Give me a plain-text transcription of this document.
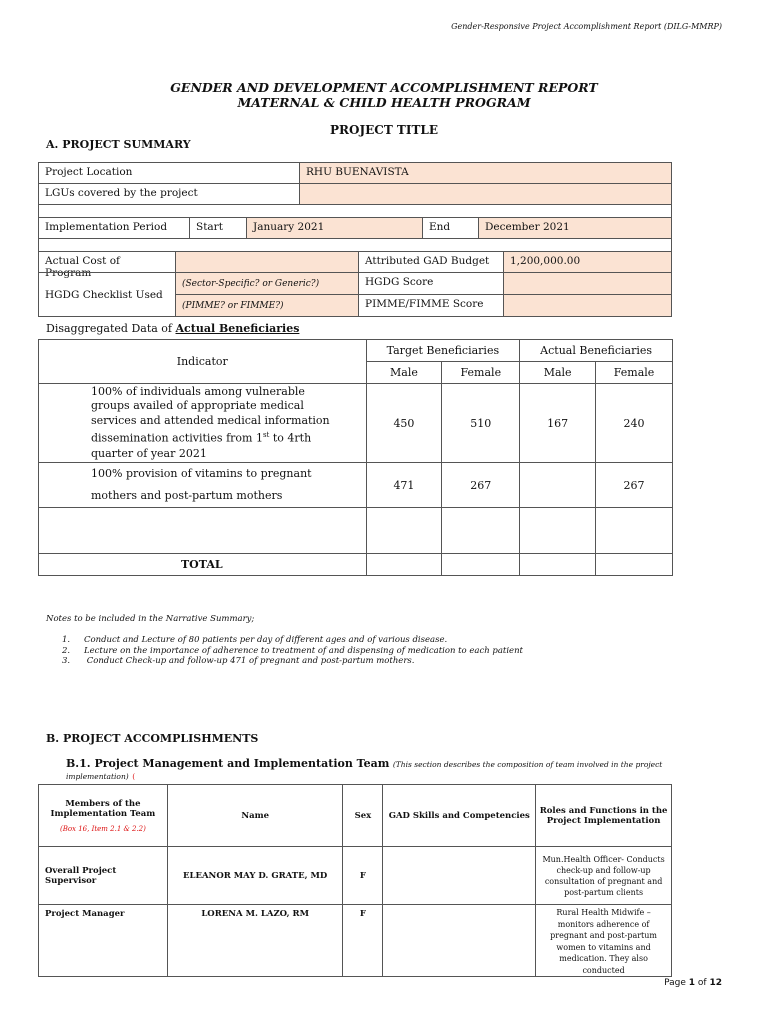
Gender-Responsive Project Accomplishment Report (DILG-MMRP)
GENDER AND DEVELOPMENT ACCOMPLISHMENT REPORT
MATERNAL & CHILD HEALTH PROGRAM
PROJECT TITLE
A. PROJECT SUMMARY
Project Location	RHU BUENAVISTA
LGUs covered by the project
Implementation Period	Start	January 2021	End	December 2021
Actual Cost of Program
Attributed GAD Budget	1,200,000.00
HGDG Checklist Used
(Sector-Specific? or Generic?)	HGDG Score
(PIMME? or FIMME?)	PIMME/FIMME Score
Disaggregated Data of Actual Beneficiaries
Indicator	Target Beneficiaries		Actual Beneficiaries	
	Male	Female	Male	Female
100% of individuals among vulnerable groups availed of appropriate medical services and attended medical information dissemination activities from 1st to 4rth quarter of year 2021	450	510	167	240

100% provision of vitamins to pregnant
mothers and post-partum mothers	471	267		267

TOTAL				
Notes to be included in the Narrative Summary;
1. Conduct and Lecture of 80 patients per day of different ages and of various disease.
2. Lecture on the importance of adherence to treatment of and dispensing of medication to each patient
3. Conduct Check-up and follow-up 471 of pregnant and post-partum mothers.
B. PROJECT ACCOMPLISHMENTS
B.1. Project Management and Implementation Team (This section describes the composition of team involved in the project implementation) (
Members of the Implementation Team
(Box 16, Item 2.1 & 2.2)	Name	Sex	GAD Skills and Competencies	Roles and Functions in the Project Implementation
Overall Project Supervisor	ELEANOR MAY D. GRATE, MD	F		Mun.Health Officer- Conducts check-up and follow-up consultation of pregnant and post-partum clients
Project Manager	LORENA M. LAZO, RM	F		Rural Health Midwife – monitors adherence of pregnant and post-partum women to vitamins and medication. They also conducted
Page 1 of 12
